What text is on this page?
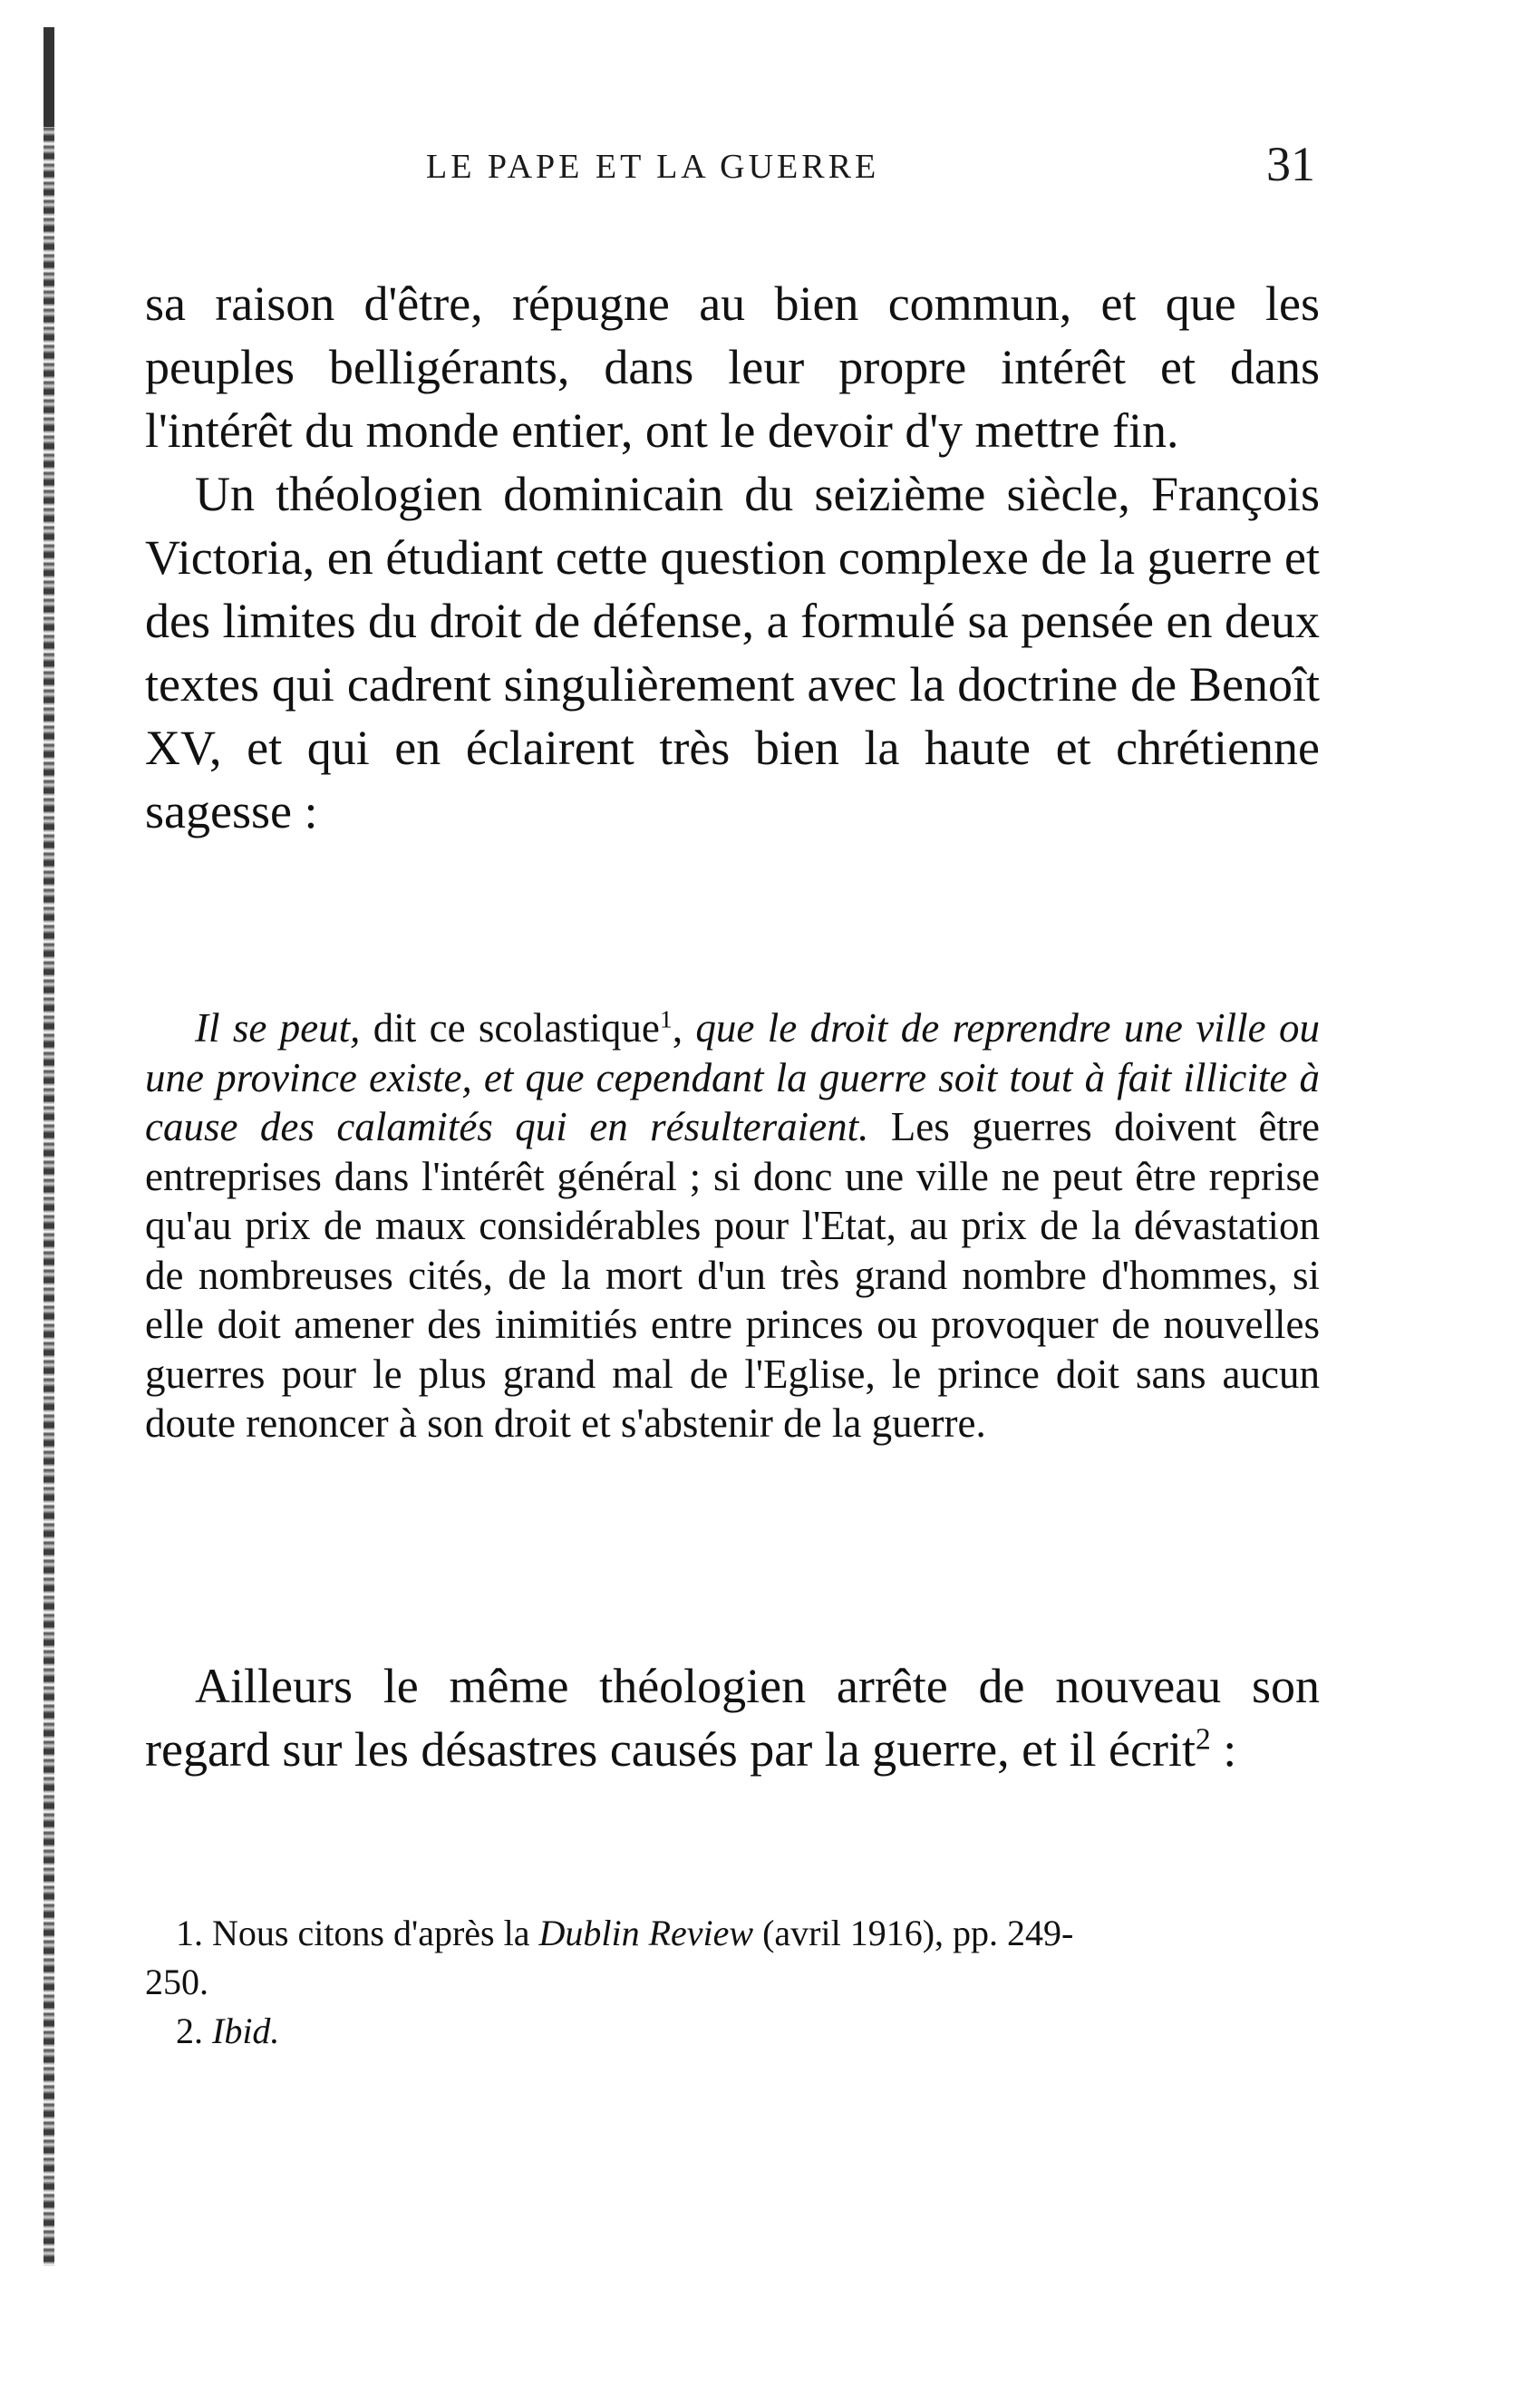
LE PAPE ET LA GUERRE	31

sa raison d'être, répugne au bien commun, et que les peuples belligérants, dans leur propre intérêt et dans l'intérêt du monde entier, ont le devoir d'y mettre fin.

Un théologien dominicain du seizième siècle, François Victoria, en étudiant cette question complexe de la guerre et des limites du droit de défense, a formulé sa pensée en deux textes qui cadrent singulièrement avec la doctrine de Benoît XV, et qui en éclairent très bien la haute et chrétienne sagesse :

Il se peut, dit ce scolastique$^1$, que le droit de reprendre une ville ou une province existe, et que cependant la guerre soit tout à fait illicite à cause des calamités qui en résulteraient. Les guerres doivent être entreprises dans l'intérêt général ; si donc une ville ne peut être reprise qu'au prix de maux considérables pour l'Etat, au prix de la dévastation de nombreuses cités, de la mort d'un très grand nombre d'hommes, si elle doit amener des inimitiés entre princes ou provoquer de nouvelles guerres pour le plus grand mal de l'Eglise, le prince doit sans aucun doute renoncer à son droit et s'abstenir de la guerre.

Ailleurs le même théologien arrête de nouveau son regard sur les désastres causés par la guerre, et il écrit$^2$ :

1. Nous citons d'après la Dublin Review (avril 1916), pp. 249-

250.

2. Ibid.
